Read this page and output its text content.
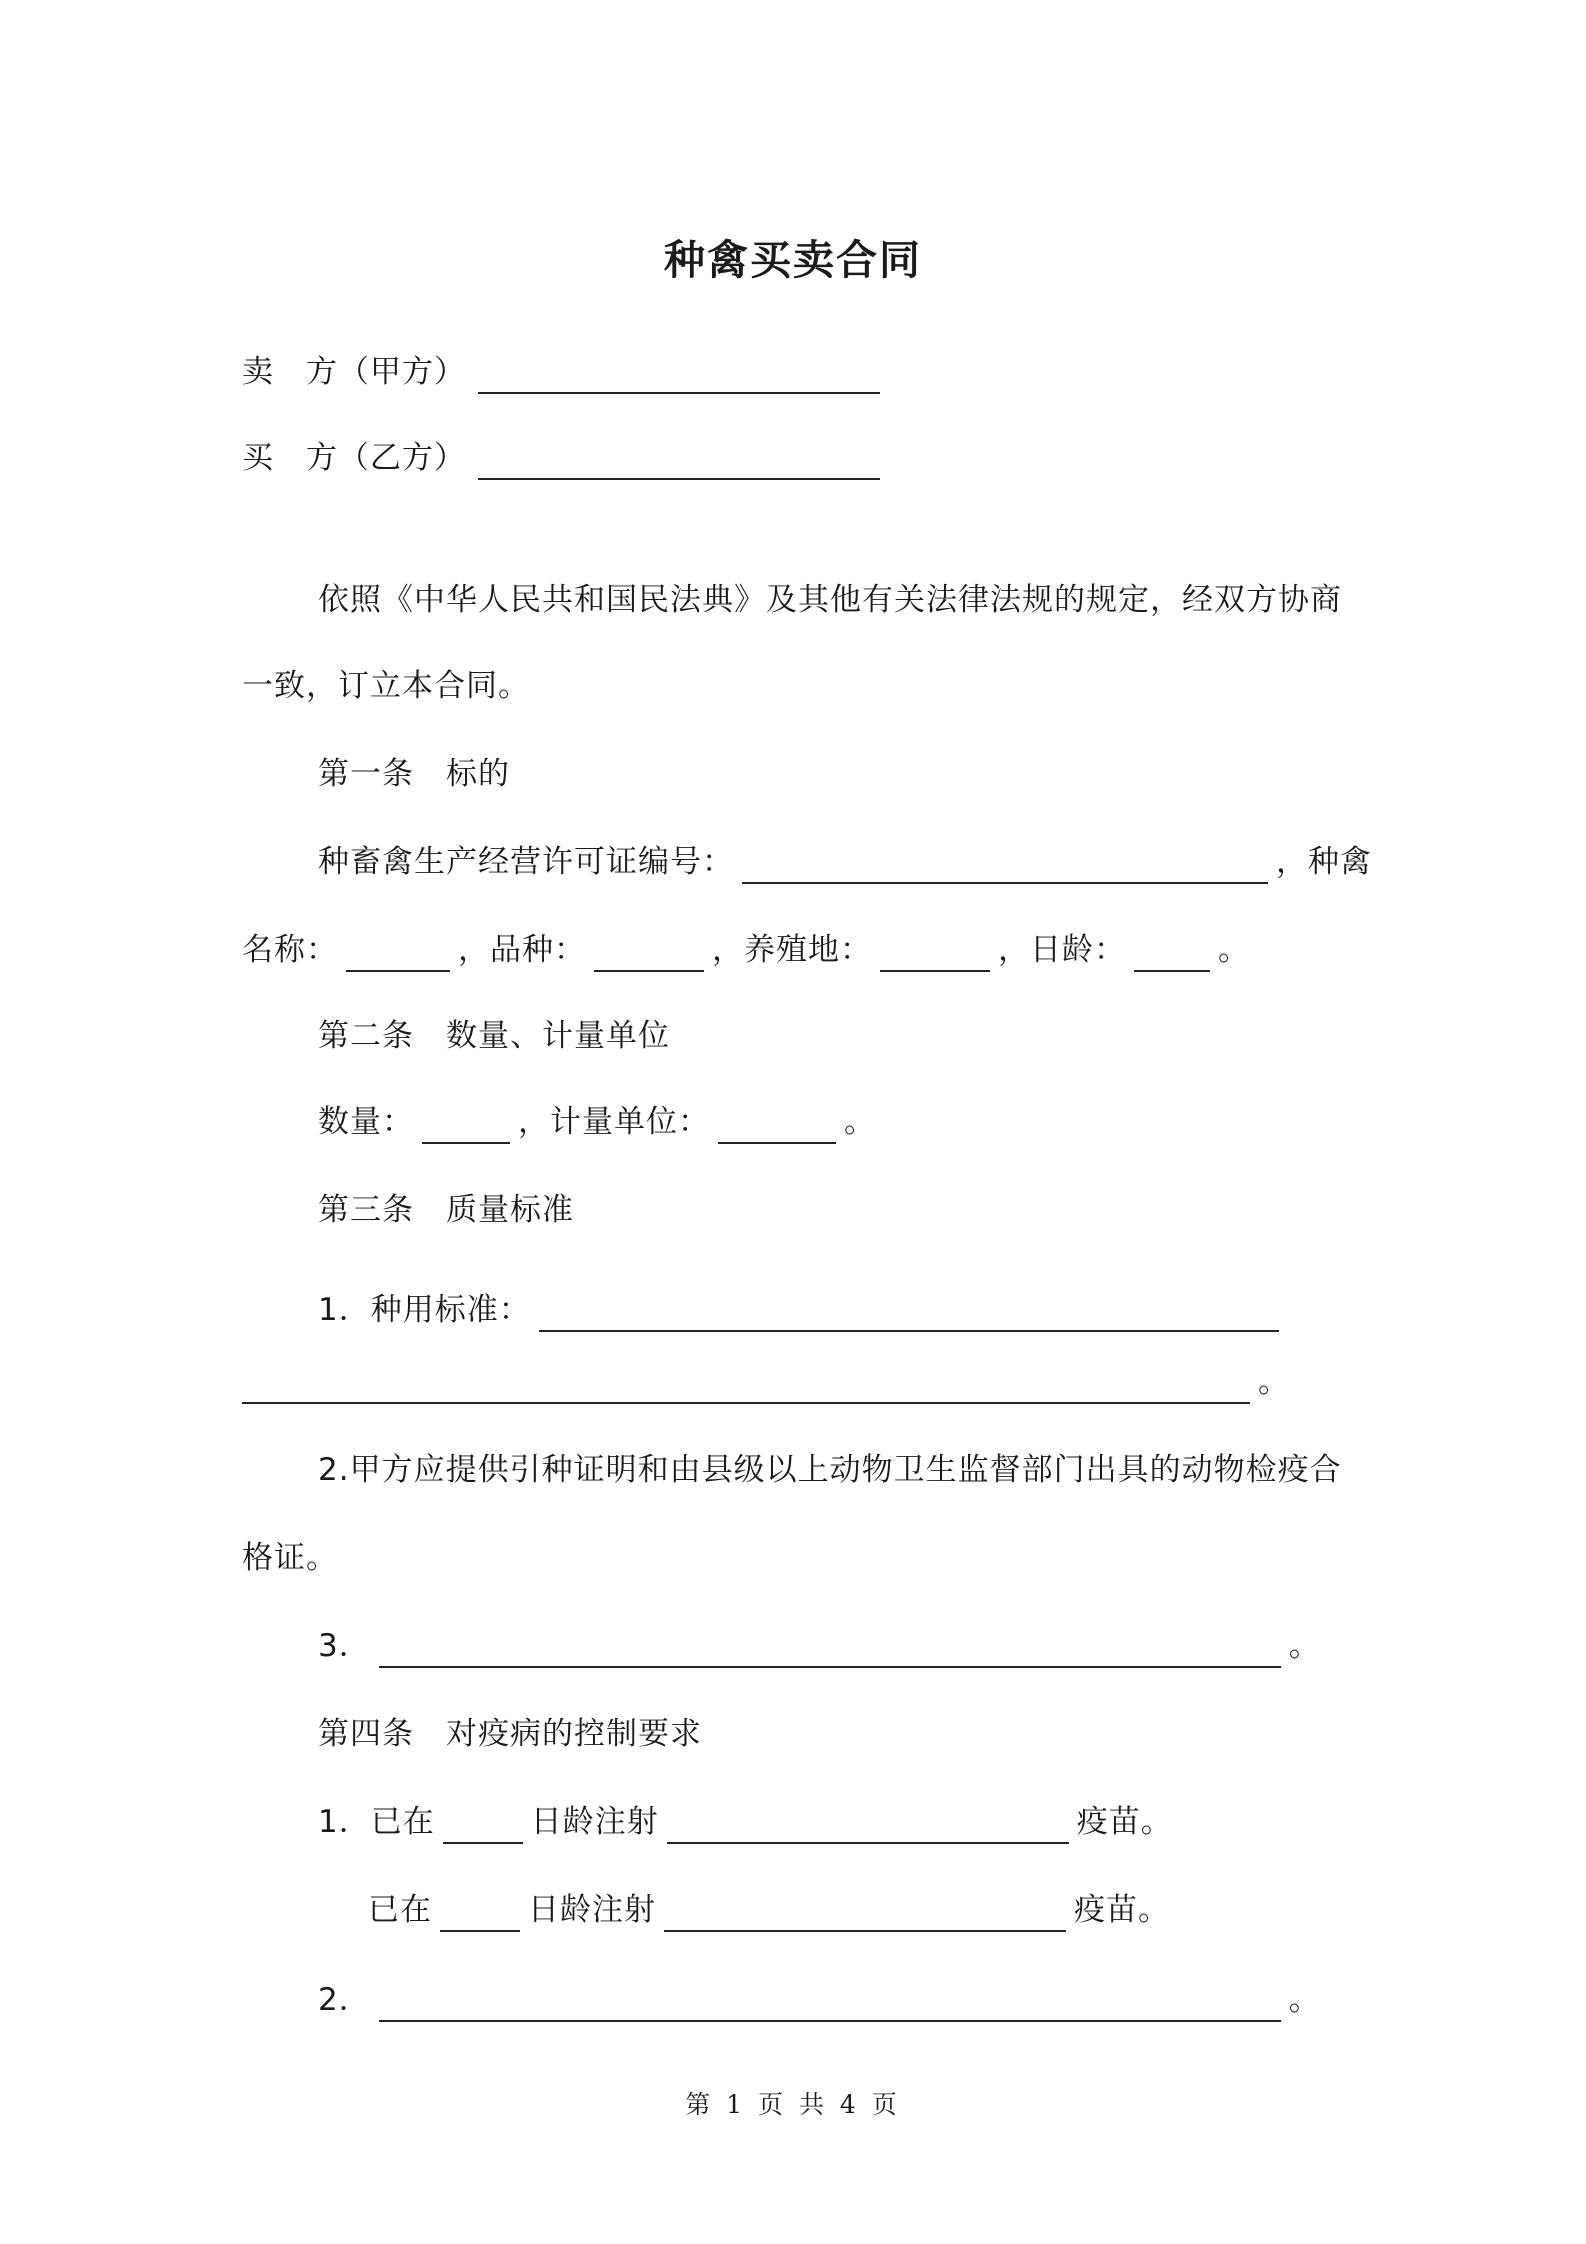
种禽买卖合同
卖　方（甲方）
买　方（乙方）
依照《中华人民共和国民法典》及其他有关法律法规的规定，经双方协商
一致，订立本合同。
第一条　标的
种畜禽生产经营许可证编号：	，种禽
名称：	，品种：	，养殖地：	，日龄：	。
第二条　数量、计量单位
数量：	，计量单位：	。
第三条　质量标准
1．种用标准：
。
2.甲方应提供引种证明和由县级以上动物卫生监督部门出具的动物检疫合
格证。
3．	。
第四条　对疫病的控制要求
1．已在	日龄注射	疫苗。
已在	日龄注射	疫苗。
2．	。
第 1 页 共 4 页
